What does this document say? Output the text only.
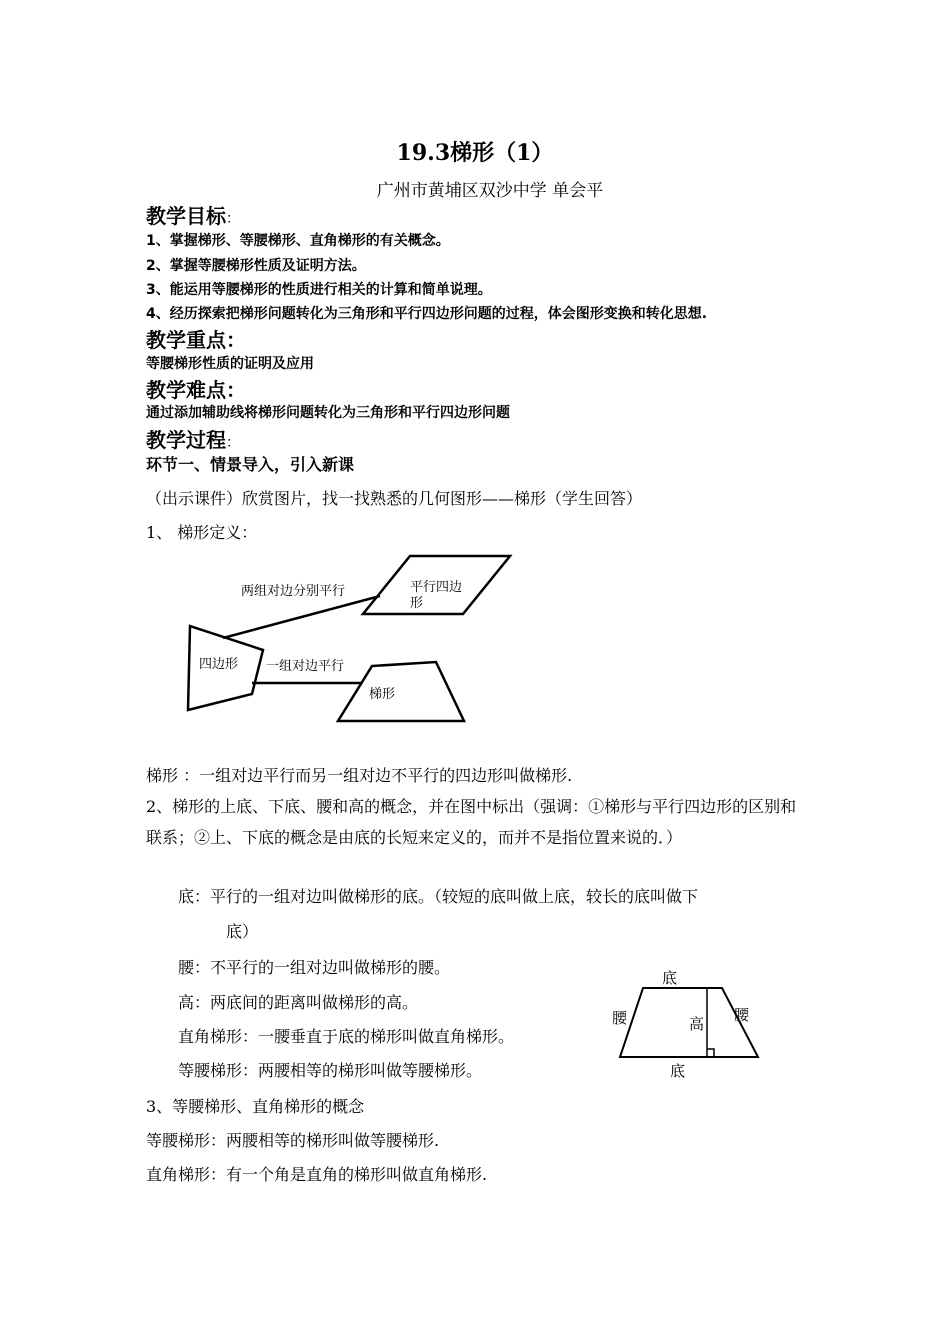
19.3梯形（1）
广州市黄埔区双沙中学 单会平
教学目标：
1、掌握梯形、等腰梯形、直角梯形的有关概念。
2、掌握等腰梯形性质及证明方法。
3、能运用等腰梯形的性质进行相关的计算和简单说理。
4、经历探索把梯形问题转化为三角形和平行四边形问题的过程，体会图形变换和转化思想.
教学重点：
等腰梯形性质的证明及应用
教学难点：
通过添加辅助线将梯形问题转化为三角形和平行四边形问题
教学过程：
环节一、情景导入，引入新课
（出示课件）欣赏图片，找一找熟悉的几何图形——梯形（学生回答）
1、 梯形定义：
两组对边分别平行
一组对边平行
四边形
平行四边
形
梯形
梯形 ：一组对边平行而另一组对边不平行的四边形叫做梯形.
2、梯形的上底、下底、腰和高的概念，并在图中标出（强调：①梯形与平行四边形的区别和联系；②上、下底的概念是由底的长短来定义的，而并不是指位置来说的．）
底：平行的一组对边叫做梯形的底。（较短的底叫做上底，较长的底叫做下
底）
腰：不平行的一组对边叫做梯形的腰。
高：两底间的距离叫做梯形的高。
直角梯形：一腰垂直于底的梯形叫做直角梯形。
等腰梯形：两腰相等的梯形叫做等腰梯形。
底
底
腰	腰
高
3、等腰梯形、直角梯形的概念
等腰梯形：两腰相等的梯形叫做等腰梯形.
直角梯形：有一个角是直角的梯形叫做直角梯形.
